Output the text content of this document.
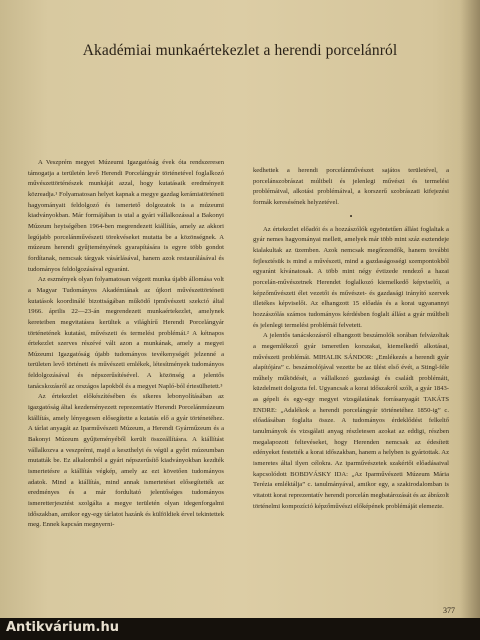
Akadémiai munkaértekezlet a herendi porcelánról

A Veszprém megyei Múzeumi Igazgatóság évek óta rendszeresen támogatja a területén levő Herendi Porcelángyár történetével foglalkozó művészettörténészek munkáját azzal, hogy kutatásaik eredményeit közreadja.¹ Folyamatosan helyet kapnak a megye gazdag kerámiatörténeti hagyományait feldolgozó és ismertető dolgozatok is a múzeumi kiadványokban. Már formájában is utal a gyári vállalkozással a Bakonyi Múzeum heyiségében 1964-ben megrendezett kiállítás, amely az akkori legújabb porcelánművészeti törekvéseket mutatta be a közönségnek. A múzeum herendi gyűjteményének gyarapítására is egyre több gondot fordítanak, nemcsak tárgyak vásárlásával, hanem azok restaurálásával és tudományos feldolgozásával egyaránt.

Az eszmények olyan folyamatosan végzett munka újabb állomása volt a Magyar Tudományos Akadémiának az újkori művészettörténeti kutatások koordinálé bizottságában működő ipművészeti szekció által 1966. április 22—23-án megrendezett munkaértekezlet, amelynek kereteiben megvitatásra kerültek a világhírű Herendi Porcelángyár történetének kutatási, művészeti és termelési problémái.² A kétnapos értekezlet szerves részévé vált azon a munkának, amely a megyei Múzeumi Igazgatóság újabb tudományos tevékenységét jelzenné a területen levő történeti és művészeti emlékek, létesítmények tudományos feldolgozásával és népszerűsítésével. A közönség a jelentős tanácskozásról az országos lapokból és a megyei Napló-ból értesülhetett.³

Az értekezlet előkészítésében és sikeres lebonyolításában az igazgatóság által kezdeményezett reprezentatív Herendi Porcelánmúzeum kiállítás, amely lényegesen elősegítette a kutatás elő a gyár történetéhez. A tárlat anyagát az Iparművészeti Múzeum, a Herendi Gyárműzeum és a Bakonyi Múzeum gyűjteményéből került összeállításra. A kiállítást vállalkozva a veszprémi, majd a keszthelyi és végül a győri múzeumban mutatták be. Ez alkalomból a gyári népszerűsítő kiadványokban kezdték ismertetésre a kiállítás végkép, amely az ezt követően tudományos adatok. Mind a kiállítás, mind annak ismertetései elősegítették az eredményes és a már fordultató jelentőséges tudományos ismeretterjesztést szolgálta a megye területén olyan idegenforgalmi időszakban, amikor egy-egy tárlatot hazánk és külföldiek érvel tekintettek meg. Ennek kapcsán megnyerni-

kedhettek a herendi porcelánművészet sajátos területével, a porcelánszobrászat múltbeli és jelenlegi művészi és termelési problémáival, alkotási problémáival, a korszerű szobrászati kifejezési formák keresésének helyzetével.

•

Az értekezlet előadói és a hozzászólók egyöntetűen állást foglaltak a gyár nemes hagyományai mellett, amelyek már több mint száz esztendeje kialakultak az üzemben. Azok nemcsak megőrzendők, hanem további fejlesztésük is mind a művészeti, mind a gazdaságosségi szempontokból egyaránt kívánatosak. A több mint négy évtizede rendező a hazai porcelán-művészetnek Herendet foglalkozó kiemelkedő képviselői, a képzőművészeti élet vezetői és művészet- és gazdasági irányító szervek illetékes képviselői. Az elhangzott 15 előadás és a korai ugyanannyi hozzászólás számos tudományos kérdésben foglalt állást a gyár múltbeli és jelenlegi termelési problémái felvetett.

A jelentős tanácskozásról elhangzott beszámolók sorában felvázoltak a megemlékező gyár ismeretlen korszakai, kiemelkedő alkotásai, művészeti problémái. MIHALIK SÁNDOR: „Emlékezés a herendi gyár alapítójára” c. beszámolójával vezette be az ülést első évét, a Stingl-féle műhely működését, a vállalkozó gazdasági és családi problémáit, küzdelmeit dolgozta fel. Ugyancsak a korai időszakról szólt, a gyár 1843-as gépeli és egy-egy megyei vizsgálatának forrásanyagát TAKÁTS ENDRE: „Adalékok a herendi porcelángyár történetéhez 1850-ig” c. előadásában foglalta össze. A tudományos érdeklődést felkeltő tanulmányok és vizsgálati anyag részletesen azokat az eddigi, részben megalapozott feltevéseket, hogy Herenden nemcsak az édesített edényeket festették a korai időszakban, hanem a helyben is gyártottak. Az ismeretes által ilyen célokra. Az iparművészetek szakértői előadásaival kapcsolódott BOBDVÁSKY IDA: „Az Iparművészeti Múzeum Mária Terézia emléktálja” c. tanulmányával, amikor egy, a szakirodalomban is vitatott korai reprezentatív herendi porcelán megbatározását és az ábrázolt történelmi kompozíció képzőművészi előképének problémáját elemezte.

377
Antikvárium.hu
